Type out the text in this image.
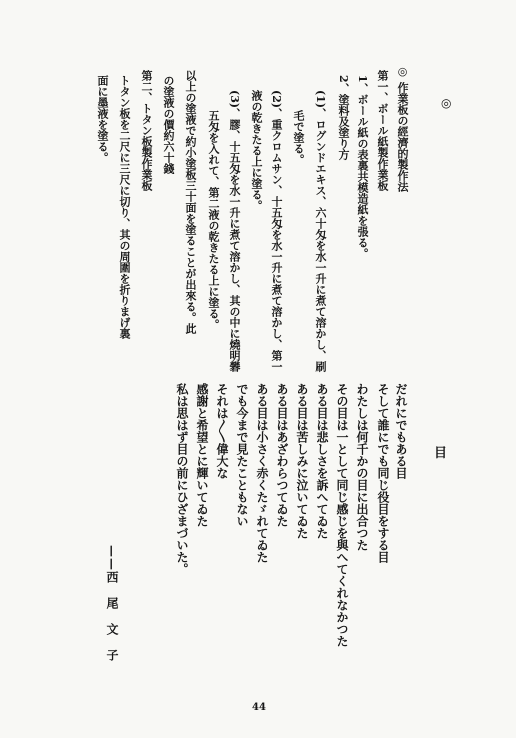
◎
◎ 作業板の經濟的製作法
第一、ボール紙製作業板
1、ボール紙の表裏共模造紙を張る。
2、塗料及塗り方
(1)、ログンドエキス、六十匁を水一升に煮て溶かし、刷
毛で塗る。
(2)、重クロムサン、十五匁を水一升に煮て溶かし、第一
液の乾きたる上に塗る。
(3)、膠、十五匁を水一升に煮て溶かし、其の中に燒明礬
五匁を入れて、第二液の乾きたる上に塗る。
以上の塗液で約小塗板三十面を塗ることが出來る。此
の塗液の價約六十錢
第二、トタン板製作業板
トタン板を二尺に三尺に切り、其の周圍を折りまげ裏
面に墨液を塗る。
目
だれにでもある目
そして誰にでも同じ役目をする目
わたしは何千かの目に出合つた
その目は一として同じ感じを與へてくれなかつた
ある目は悲しさを訴へてゐた
ある目は苦しみに泣いてゐた
ある目はあざわらつてゐた
ある目は小さく赤くたゞれてゐた
でも今まで見たこともない
それは〱偉大な
感謝と希望とに輝いてゐた
私は思はず目の前にひざまづいた。
——西　尾　文　子
44
